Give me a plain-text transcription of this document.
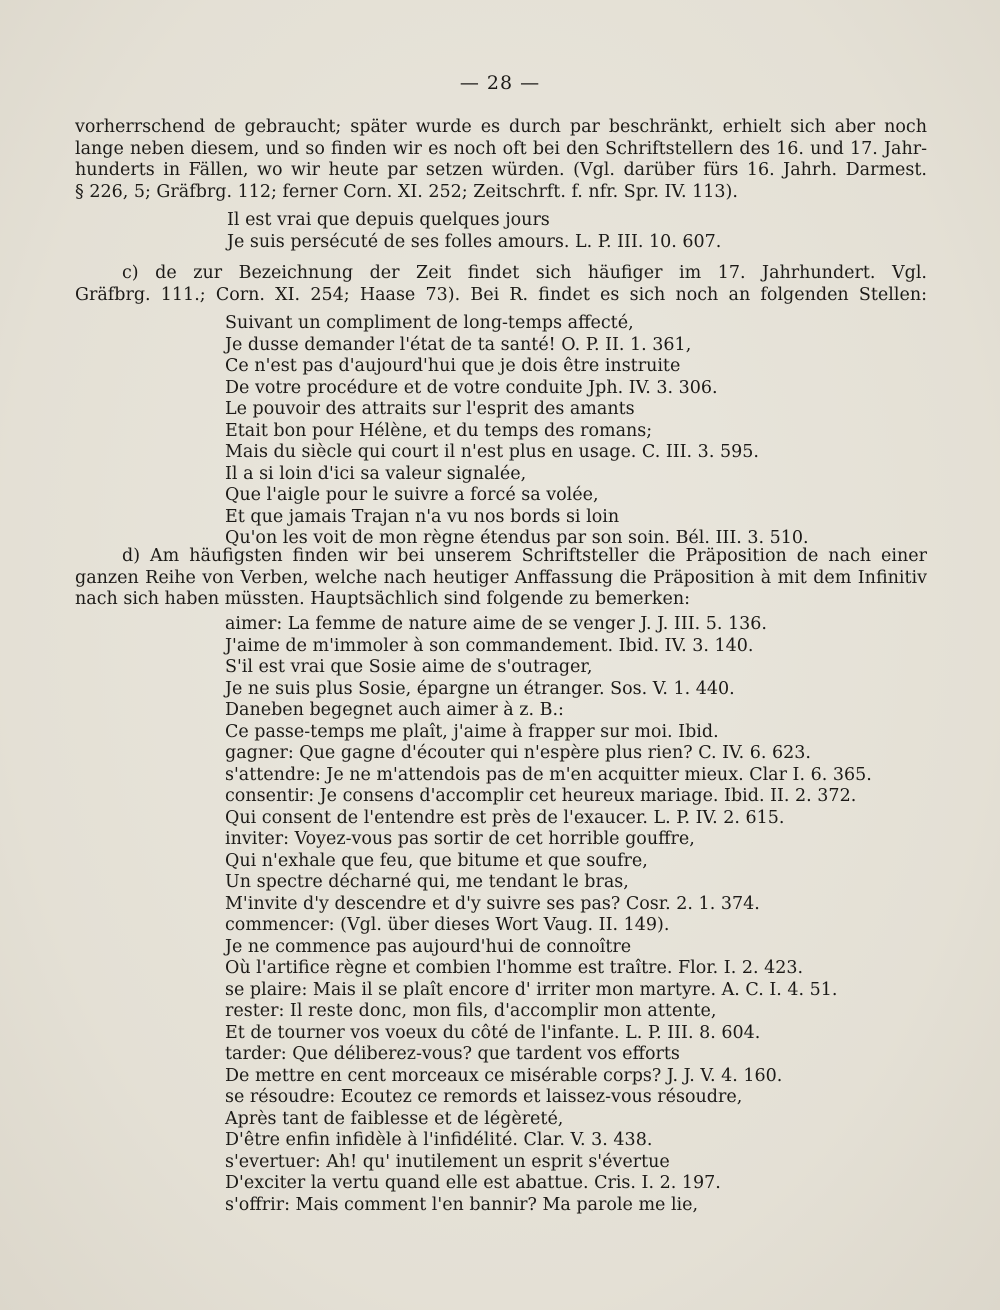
— 28 —
vorherrschend de gebraucht; später wurde es durch par beschränkt, erhielt sich aber noch
lange neben diesem, und so finden wir es noch oft bei den Schriftstellern des 16. und 17. Jahr-
hunderts in Fällen, wo wir heute par setzen würden. (Vgl. darüber fürs 16. Jahrh. Darmest.
§ 226, 5; Gräfbrg. 112; ferner Corn. XI. 252; Zeitschrft. f. nfr. Spr. IV. 113).
Il est vrai que depuis quelques jours
Je suis persécuté de ses folles amours. L. P. III. 10. 607.
c) de zur Bezeichnung der Zeit findet sich häufiger im 17. Jahrhundert. Vgl.
Gräfbrg. 111.; Corn. XI. 254; Haase 73). Bei R. findet es sich noch an folgenden Stellen:
Suivant un compliment de long-temps affecté,
Je dusse demander l'état de ta santé! O. P. II. 1. 361,
Ce n'est pas d'aujourd'hui que je dois être instruite
De votre procédure et de votre conduite Jph. IV. 3. 306.
Le pouvoir des attraits sur l'esprit des amants
Etait bon pour Hélène, et du temps des romans;
Mais du siècle qui court il n'est plus en usage. C. III. 3. 595.
Il a si loin d'ici sa valeur signalée,
Que l'aigle pour le suivre a forcé sa volée,
Et que jamais Trajan n'a vu nos bords si loin
Qu'on les voit de mon règne étendus par son soin. Bél. III. 3. 510.
d) Am häufigsten finden wir bei unserem Schriftsteller die Präposition de nach einer
ganzen Reihe von Verben, welche nach heutiger Anffassung die Präposition à mit dem Infinitiv
nach sich haben müssten. Hauptsächlich sind folgende zu bemerken:
aimer: La femme de nature aime de se venger J. J. III. 5. 136.
J'aime de m'immoler à son commandement. Ibid. IV. 3. 140.
S'il est vrai que Sosie aime de s'outrager,
Je ne suis plus Sosie, épargne un étranger. Sos. V. 1. 440.
Daneben begegnet auch aimer à z. B.:
Ce passe-temps me plaît, j'aime à frapper sur moi. Ibid.
gagner: Que gagne d'écouter qui n'espère plus rien? C. IV. 6. 623.
s'attendre: Je ne m'attendois pas de m'en acquitter mieux. Clar I. 6. 365.
consentir: Je consens d'accomplir cet heureux mariage. Ibid. II. 2. 372.
Qui consent de l'entendre est près de l'exaucer. L. P. IV. 2. 615.
inviter: Voyez-vous pas sortir de cet horrible gouffre,
Qui n'exhale que feu, que bitume et que soufre,
Un spectre décharné qui, me tendant le bras,
M'invite d'y descendre et d'y suivre ses pas? Cosr. 2. 1. 374.
commencer: (Vgl. über dieses Wort Vaug. II. 149).
Je ne commence pas aujourd'hui de connoître
Où l'artifice règne et combien l'homme est traître. Flor. I. 2. 423.
se plaire: Mais il se plaît encore d' irriter mon martyre. A. C. I. 4. 51.
rester: Il reste donc, mon fils, d'accomplir mon attente,
Et de tourner vos voeux du côté de l'infante. L. P. III. 8. 604.
tarder: Que déliberez-vous? que tardent vos efforts
De mettre en cent morceaux ce misérable corps? J. J. V. 4. 160.
se résoudre: Ecoutez ce remords et laissez-vous résoudre,
Après tant de faiblesse et de légèreté,
D'être enfin infidèle à l'infidélité. Clar. V. 3. 438.
s'evertuer: Ah! qu' inutilement un esprit s'évertue
D'exciter la vertu quand elle est abattue. Cris. I. 2. 197.
s'offrir: Mais comment l'en bannir? Ma parole me lie,
